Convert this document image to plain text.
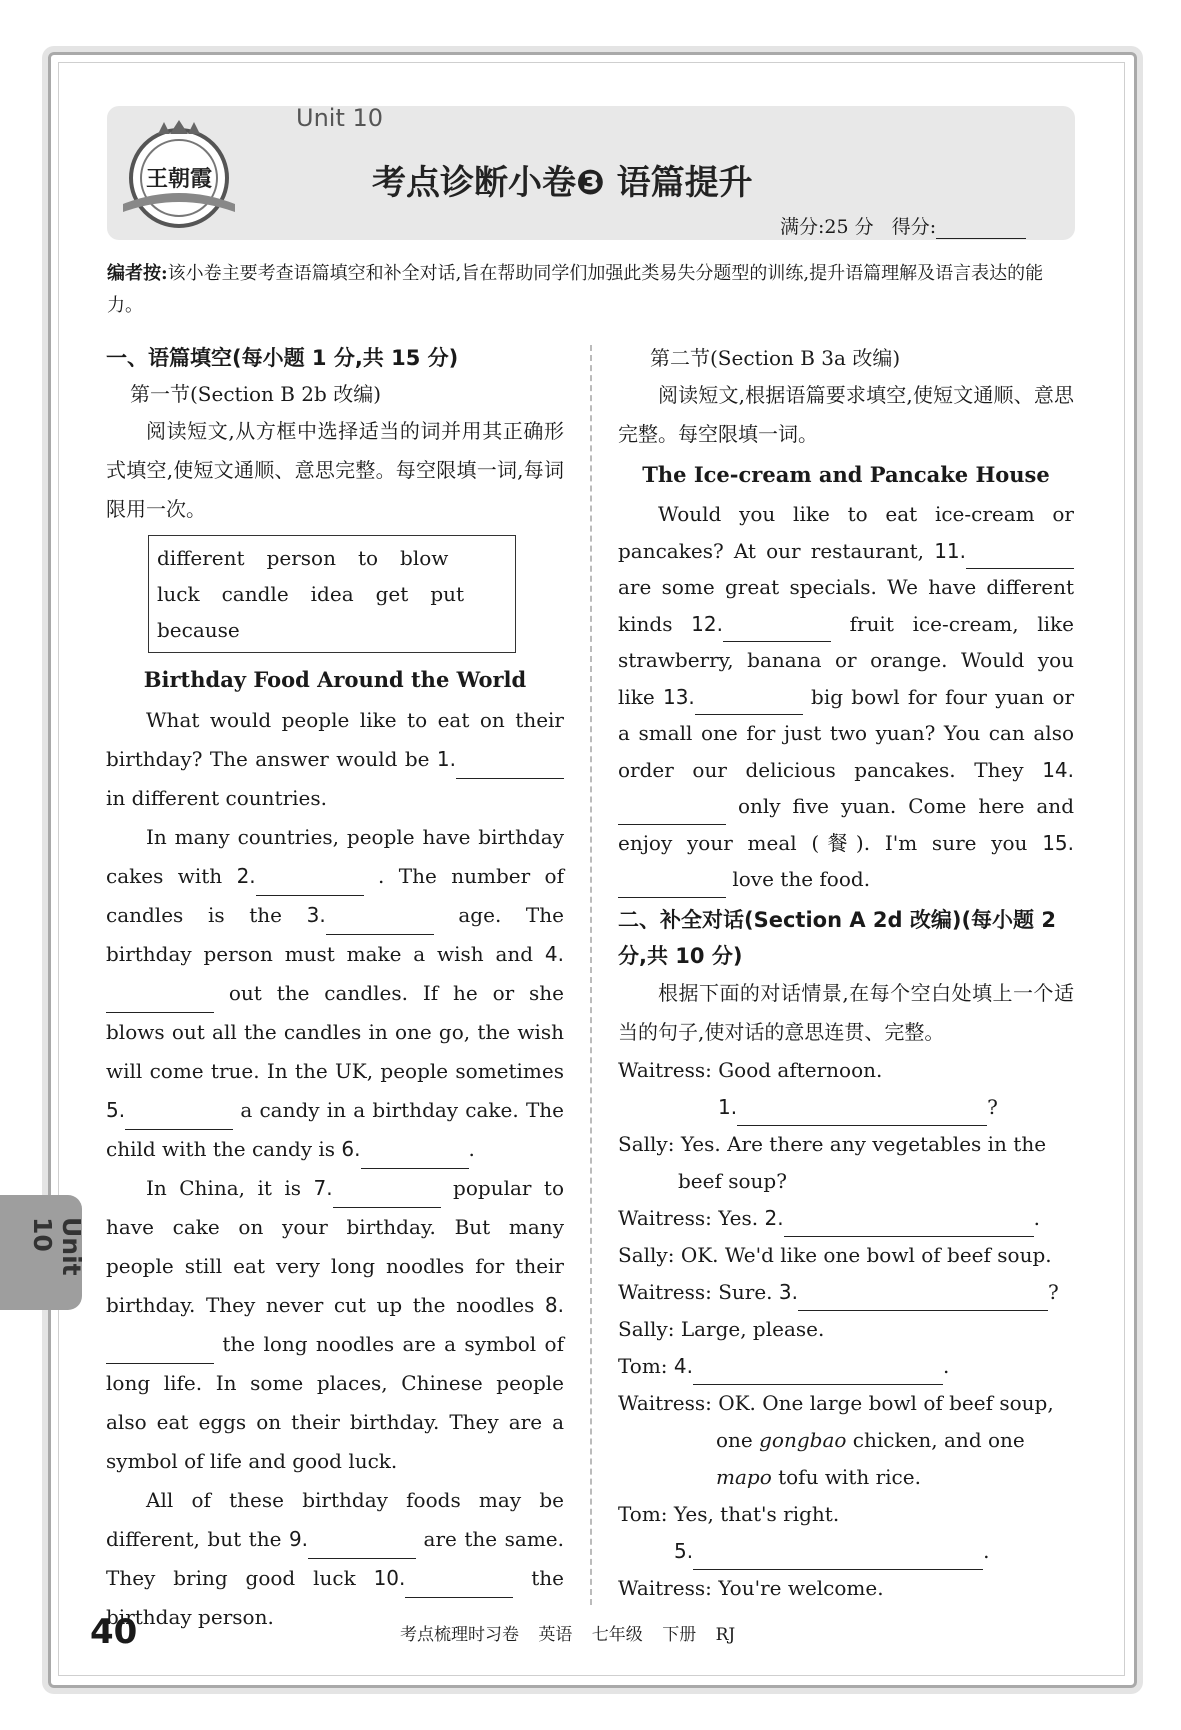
王朝霞
Unit 10
考点诊断小卷❸ 语篇提升
满分:25 分 得分:
编者按:该小卷主要考查语篇填空和补全对话,旨在帮助同学们加强此类易失分题型的训练,提升语篇理解及语言表达的能力。
一、语篇填空(每小题 1 分,共 15 分)
第一节(Section B 2b 改编)

阅读短文,从方框中选择适当的词并用其正确形式填空,使短文通顺、意思完整。每空限填一词,每词限用一次。

different person to blow
luck candle idea get put
because
Birthday Food Around the World

What would people like to eat on their birthday? The answer would be 1. in different countries.

In many countries, people have birthday cakes with 2.	. The number of candles is the 3.	age. The birthday person must make a wish and 4. out the candles. If he or she blows out all the candles in one go, the wish will come true. In the UK, people sometimes 5.	a candy in a birthday cake. The child with the candy is 6.	.

In China, it is 7.	popular to have cake on your birthday. But many people still eat very long noodles for their birthday. They never cut up the noodles 8. the long noodles are a symbol of long life. In some places, Chinese people also eat eggs on their birthday. They are a symbol of life and good luck.

All of these birthday foods may be different, but the 9.	are the same. They bring good luck 10.	the birthday person.

第二节(Section B 3a 改编)

阅读短文,根据语篇要求填空,使短文通顺、意思完整。每空限填一词。

The Ice-cream and Pancake House

Would you like to eat ice-cream or pancakes? At our restaurant, 11. are some great specials. We have different kinds 12.	fruit ice-cream, like strawberry, banana or orange. Would you like 13.	big bowl for four yuan or a small one for just two yuan? You can also order our delicious pancakes. They 14. only five yuan. Come here and enjoy your meal (餐). I'm sure you 15. love the food.

二、补全对话(Section A 2d 改编)(每小题 2 分,共 10 分)

根据下面的对话情景,在每个空白处填上一个适当的句子,使对话的意思连贯、完整。

Waitress: Good afternoon.
1.	?
Sally: Yes. Are there any vegetables in the beef soup?
Waitress: Yes. 2.	.
Sally: OK. We'd like one bowl of beef soup.
Waitress: Sure. 3.	?
Sally: Large, please.
Tom: 4.	.
Waitress: OK. One large bowl of beef soup, one gongbao chicken, and one mapo tofu with rice.
Tom: Yes, that's right.
5.	.
Waitress: You're welcome.
Unit 10
40	考点梳理时习卷 英语 七年级 下册 RJ
